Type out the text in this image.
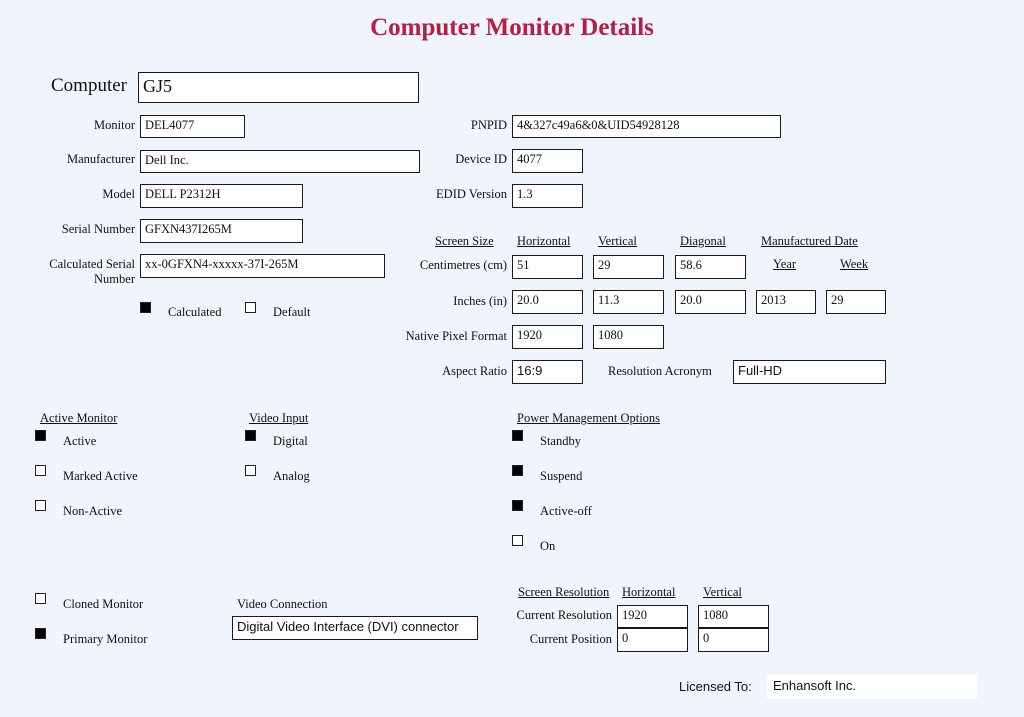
Computer Monitor Details
Computer GJ5
Monitor DEL4077
Manufacturer Dell Inc.
Model DELL P2312H
Serial Number GFXN437I265M
Calculated Serial
Number
xx-0GFXN4-xxxxx-37I-265M
Calculated	Default
PNPID 4&327c49a6&0&UID54928128
Device ID 4077
EDID Version 1.3
Screen Size Horizontal Vertical	Diagonal	Manufactured Date
Year	Week
Centimetres (cm) 51	29	58.6
Inches (in) 20.0	11.3	20.0	2013	29
Native Pixel Format 1920	1080
Aspect Ratio 16:9	Resolution Acronym	Full-HD
Active Monitor
Active
Marked Active
Non-Active
Video Input
Digital
Analog
Power Management Options
Standby
Suspend
Active-off
On
Cloned Monitor
Primary Monitor
Video Connection
Digital Video Interface (DVI) connector
Screen Resolution Horizontal Vertical
Current Resolution 1920	1080
Current Position 0	0
Licensed To:	Enhansoft Inc.
